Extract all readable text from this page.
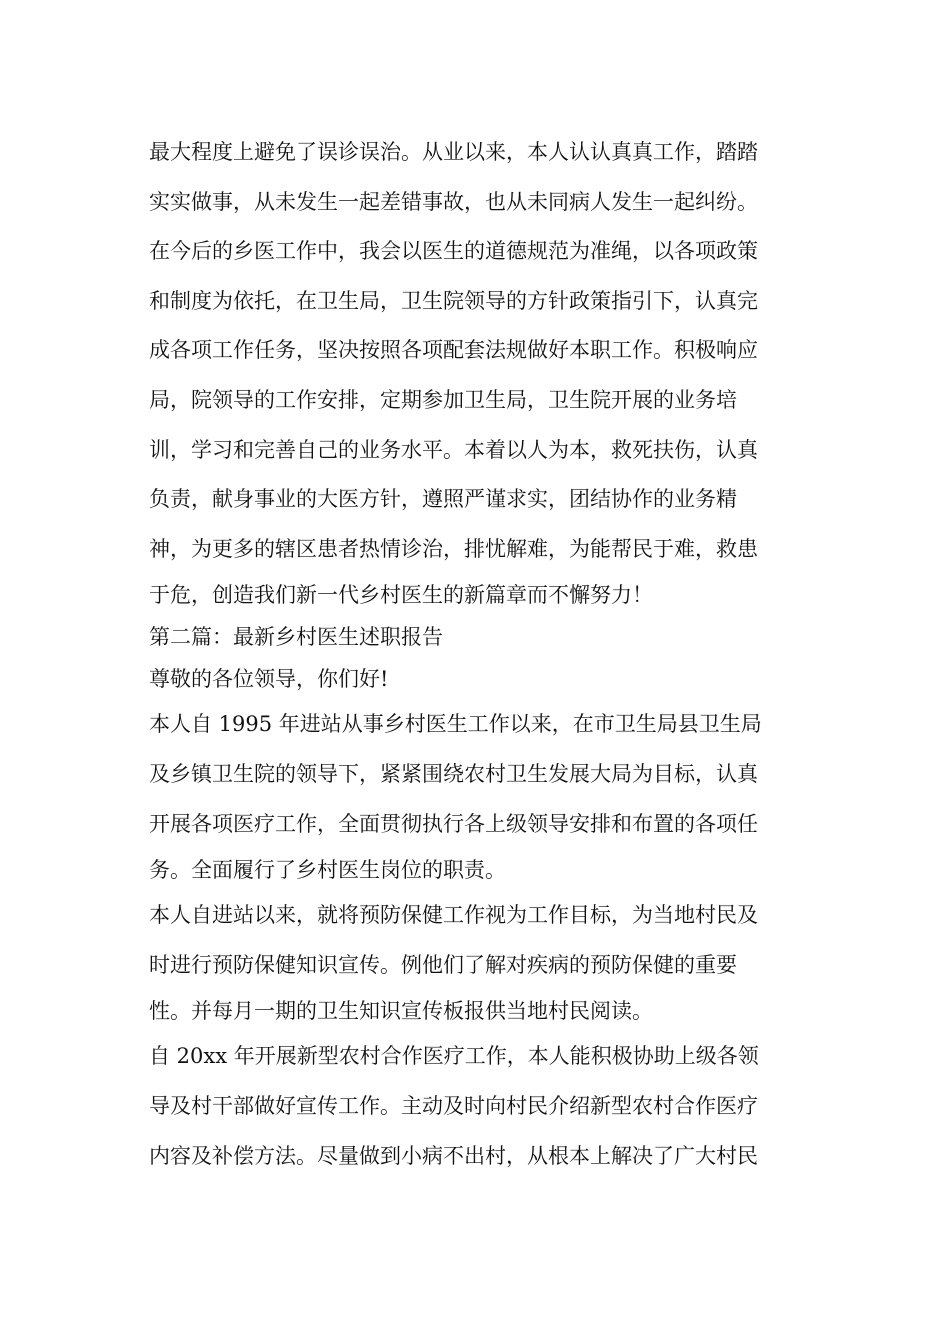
最大程度上避免了误诊误治。从业以来，本人认认真真工作，踏踏
实实做事，从未发生一起差错事故，也从未同病人发生一起纠纷。
在今后的乡医工作中，我会以医生的道德规范为准绳，以各项政策
和制度为依托，在卫生局，卫生院领导的方针政策指引下，认真完
成各项工作任务，坚决按照各项配套法规做好本职工作。积极响应
局，院领导的工作安排，定期参加卫生局，卫生院开展的业务培
训，学习和完善自己的业务水平。本着以人为本，救死扶伤，认真
负责，献身事业的大医方针，遵照严谨求实，团结协作的业务精
神，为更多的辖区患者热情诊治，排忧解难，为能帮民于难，救患
于危，创造我们新一代乡村医生的新篇章而不懈努力！
第二篇：最新乡村医生述职报告
尊敬的各位领导，你们好!
本人自 1995 年进站从事乡村医生工作以来，在市卫生局县卫生局
及乡镇卫生院的领导下，紧紧围绕农村卫生发展大局为目标，认真
开展各项医疗工作，全面贯彻执行各上级领导安排和布置的各项任
务。全面履行了乡村医生岗位的职责。
本人自进站以来，就将预防保健工作视为工作目标，为当地村民及
时进行预防保健知识宣传。例他们了解对疾病的预防保健的重要
性。并每月一期的卫生知识宣传板报供当地村民阅读。
自 20xx 年开展新型农村合作医疗工作，本人能积极协助上级各领
导及村干部做好宣传工作。主动及时向村民介绍新型农村合作医疗
内容及补偿方法。尽量做到小病不出村，从根本上解决了广大村民
